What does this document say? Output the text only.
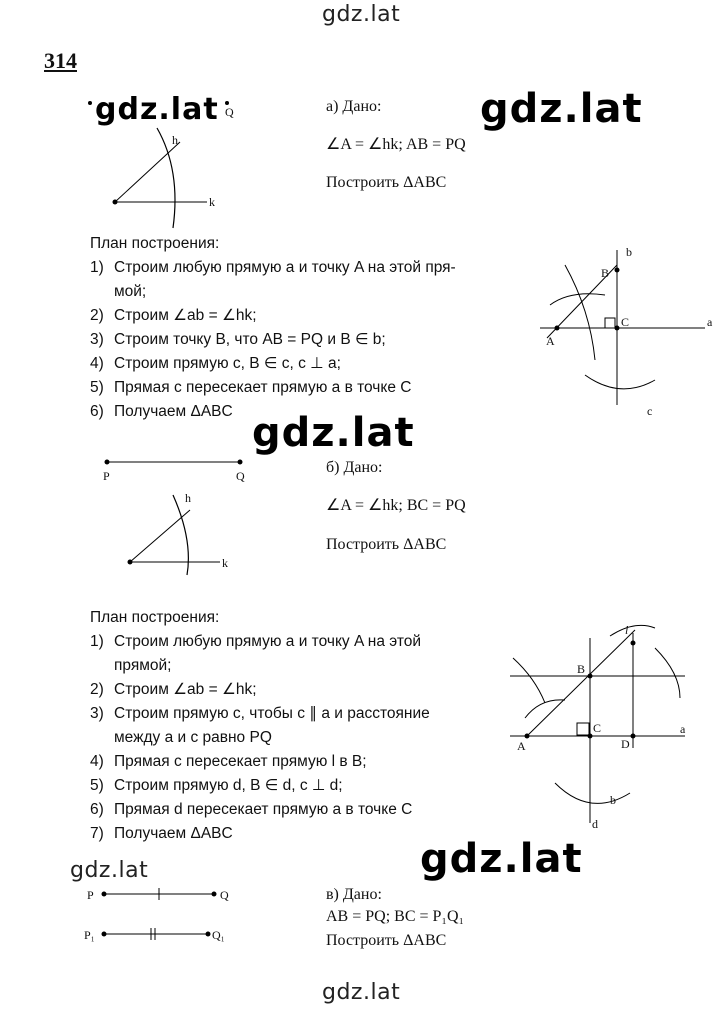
gdz.lat
gdz.lat
gdz.lat
gdz.lat	gdz.lat
gdz.lat
gdz.lat
314
h
k
Q	а) Дано:
∠A = ∠hk; AB = PQ
Построить ΔABC
План построения:
1) Строим любую прямую a и точку A на этой пря-
мой;
2) Строим ∠ab = ∠hk;
3) Строим точку B, что AB = PQ и B ∈ b;
4) Строим прямую c, B ∈ c, c ⊥ a;
5) Прямая c пересекает прямую a в точке C
6) Получаем ΔABC
b
B
C
A
a
c
P	Q
h
k
б) Дано:
∠A = ∠hk; BC = PQ
Построить ΔABC
План построения:
1) Строим любую прямую a и точку A на этой
прямой;
2) Строим ∠ab = ∠hk;
3) Строим прямую c, чтобы c ∥ a и расстояние
между a и c равно PQ
4) Прямая c пересекает прямую l в B;
5) Строим прямую d, B ∈ d, c ⊥ d;
6) Прямая d пересекает прямую a в точке C
7) Получаем ΔABC
l
B
C
D
A
a
b
d
P	Q
P₁	Q₁
в) Дано:
AB = PQ; BC = P₁Q₁
Построить ΔABC
